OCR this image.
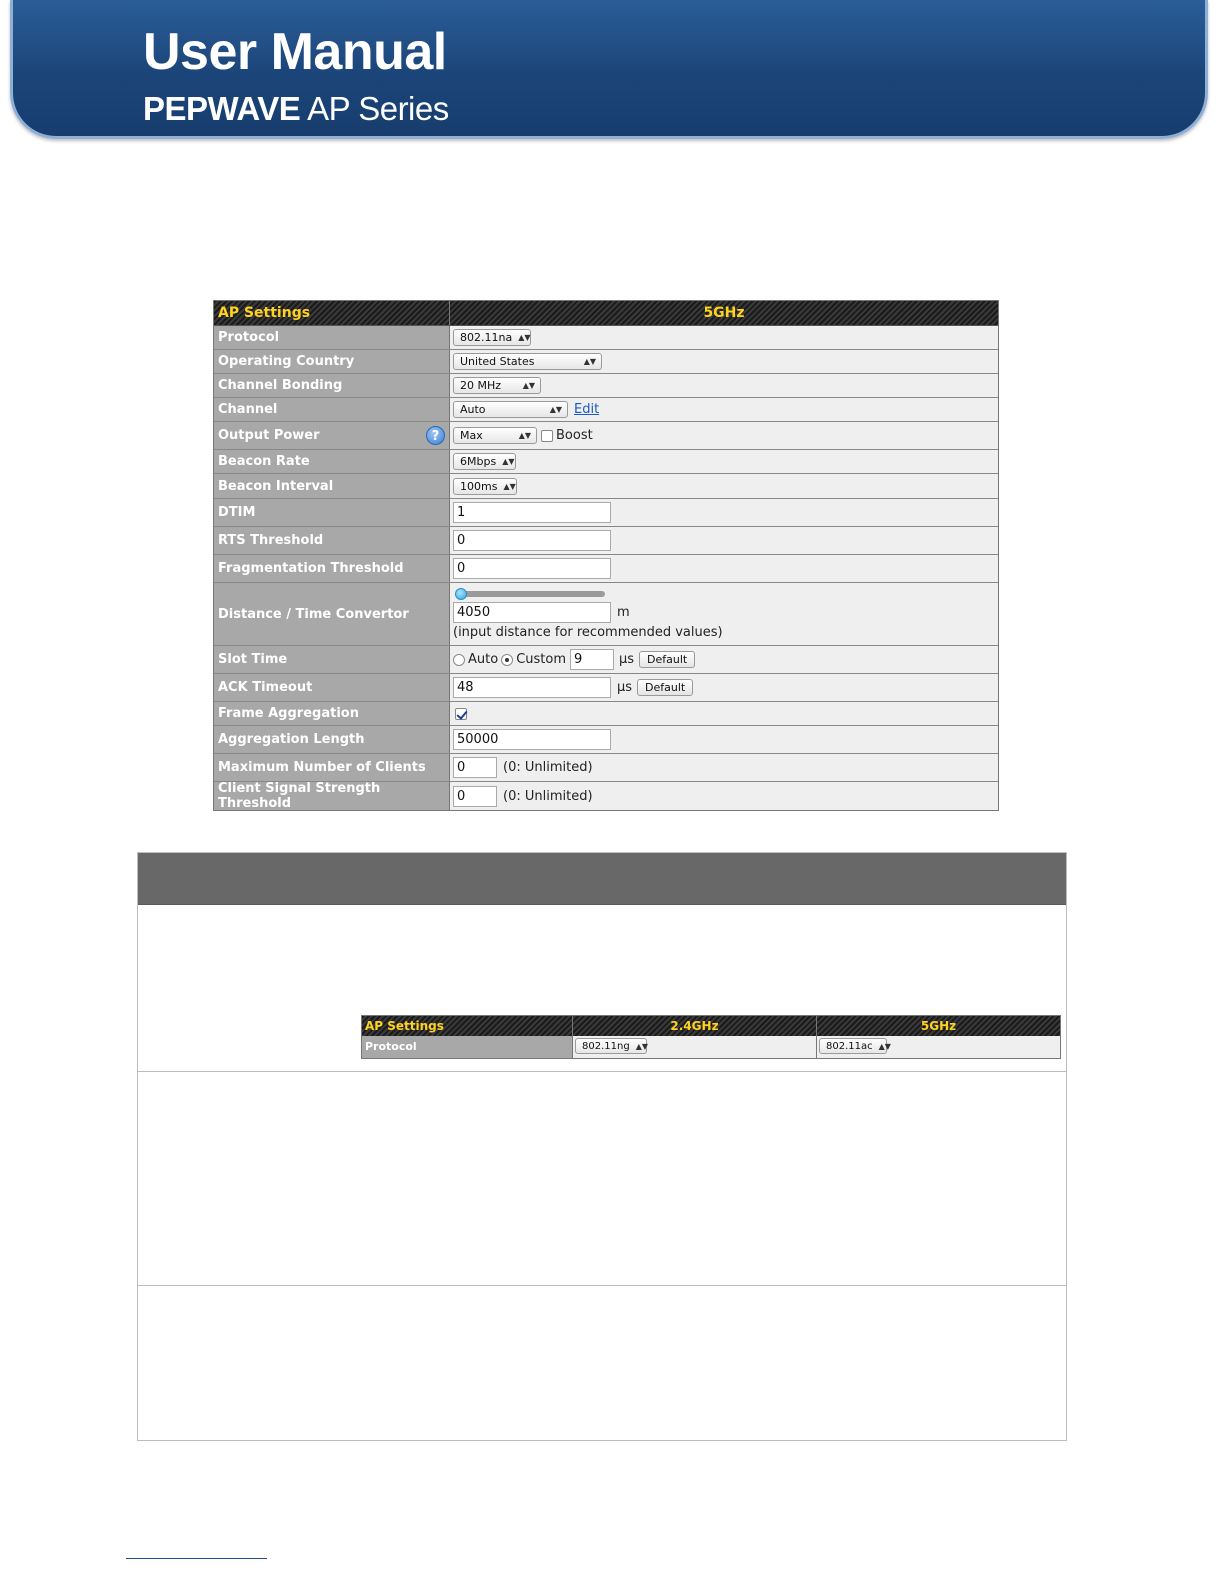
User Manual
PEPWAVE AP Series
AP Settings	5GHz
Protocol	802.11na ▲▼
Operating Country	United States	▲▼
Channel Bonding	20 MHz	▲▼
Channel	Auto	▲▼ Edit
Output Power	?	Max	▲▼	Boost
Beacon Rate	6Mbps ▲▼
Beacon Interval	100ms ▲▼
DTIM	1
RTS Threshold	0
Fragmentation Threshold	0
Distance / Time Convertor	4050	m
(input distance for recommended values)
Slot Time	Auto Custom 9	μs	Default
ACK Timeout	48	μs	Default
Frame Aggregation
Aggregation Length	50000
Maximum Number of Clients	0	(0: Unlimited)
Client Signal Strength Threshold	0	(0: Unlimited)
AP Settings	2.4GHz	5GHz
Protocol	802.11ng ▲▼	802.11ac ▲▼
